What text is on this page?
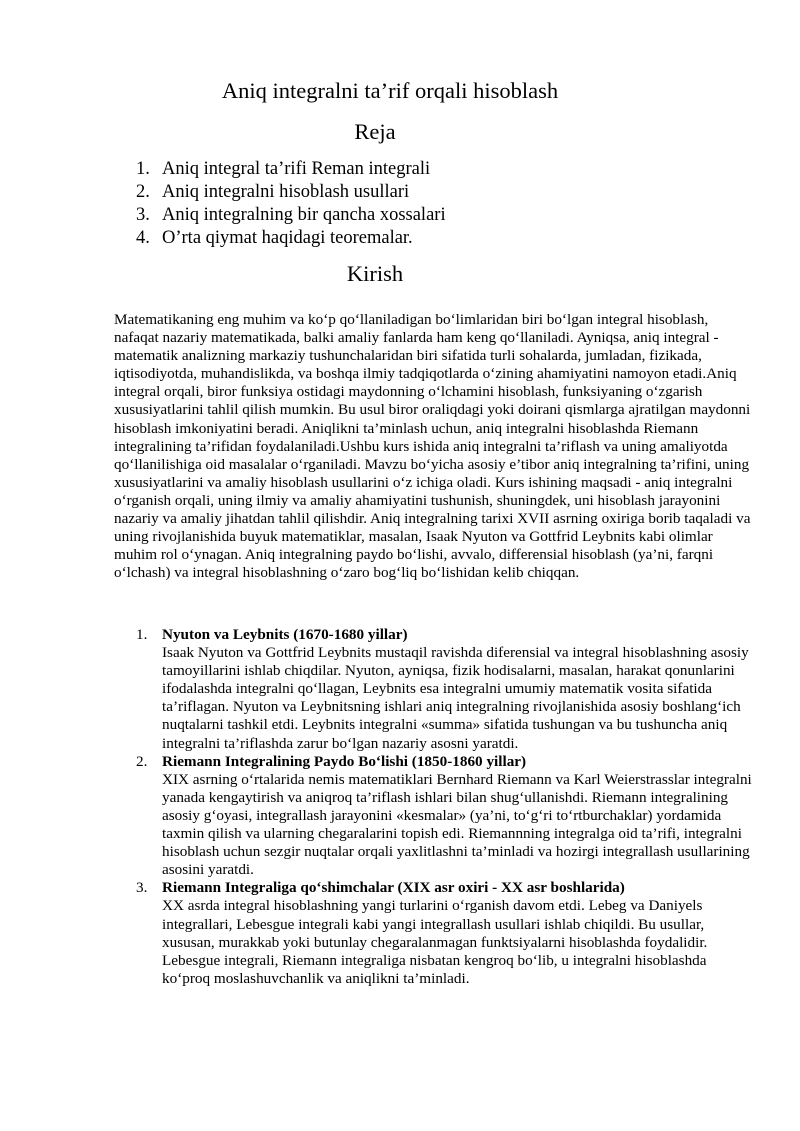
Aniq integralni ta’rif orqali hisoblash
Reja
1. Aniq integral ta’rifi Reman integrali
2. Aniq integralni hisoblash usullari
3. Aniq integralning bir qancha xossalari
4. O’rta qiymat haqidagi teoremalar.
Kirish

Matematikaning eng muhim va ko‘p qo‘llaniladigan bo‘limlaridan biri bo‘lgan integral hisoblash, nafaqat nazariy matematikada, balki amaliy fanlarda ham keng qo‘llaniladi. Ayniqsa, aniq integral - matematik analizning markaziy tushunchalaridan biri sifatida turli sohalarda, jumladan, fizikada, iqtisodiyotda, muhandislikda, va boshqa ilmiy tadqiqotlarda o‘zining ahamiyatini namoyon etadi.Aniq integral orqali, biror funksiya ostidagi maydonning o‘lchamini hisoblash, funksiyaning o‘zgarish xususiyatlarini tahlil qilish mumkin. Bu usul biror oraliqdagi yoki doirani qismlarga ajratilgan maydonni hisoblash imkoniyatini beradi. Aniqlikni ta’minlash uchun, aniq integralni hisoblashda Riemann integralining ta’rifidan foydalaniladi.Ushbu kurs ishida aniq integralni ta’riflash va uning amaliyotda qo‘llanilishiga oid masalalar o‘rganiladi. Mavzu bo‘yicha asosiy e’tibor aniq integralning ta’rifini, uning xususiyatlarini va amaliy hisoblash usullarini o‘z ichiga oladi. Kurs ishining maqsadi - aniq integralni o‘rganish orqali, uning ilmiy va amaliy ahamiyatini tushunish, shuningdek, uni hisoblash jarayonini nazariy va amaliy jihatdan tahlil qilishdir. Aniq integralning tarixi XVII asrning oxiriga borib taqaladi va uning rivojlanishida buyuk matematiklar, masalan, Isaak Nyuton va Gottfrid Leybnits kabi olimlar muhim rol o‘ynagan. Aniq integralning paydo bo‘lishi, avvalo, differensial hisoblash (ya’ni, farqni o‘lchash) va integral hisoblashning o‘zaro bog‘liq bo‘lishidan kelib chiqqan.

1. Nyuton va Leybnits (1670-1680 yillar)
Isaak Nyuton va Gottfrid Leybnits mustaqil ravishda diferensial va integral hisoblashning asosiy tamoyillarini ishlab chiqdilar. Nyuton, ayniqsa, fizik hodisalarni, masalan, harakat qonunlarini ifodalashda integralni qo‘llagan, Leybnits esa integralni umumiy matematik vosita sifatida ta’riflagan. Nyuton va Leybnitsning ishlari aniq integralning rivojlanishida asosiy boshlang‘ich nuqtalarni tashkil etdi. Leybnits integralni «summa» sifatida tushungan va bu tushuncha aniq integralni ta’riflashda zarur bo‘lgan nazariy asosni yaratdi.
2. Riemann Integralining Paydo Bo‘lishi (1850-1860 yillar)
XIX asrning o‘rtalarida nemis matematiklari Bernhard Riemann va Karl Weierstrasslar integralni yanada kengaytirish va aniqroq ta’riflash ishlari bilan shug‘ullanishdi. Riemann integralining asosiy g‘oyasi, integrallash jarayonini «kesmalar» (ya’ni, to‘g‘ri to‘rtburchaklar) yordamida taxmin qilish va ularning chegaralarini topish edi. Riemannning integralga oid ta’rifi, integralni hisoblash uchun sezgir nuqtalar orqali yaxlitlashni ta’minladi va hozirgi integrallash usullarining asosini yaratdi.
3. Riemann Integraliga qo‘shimchalar (XIX asr oxiri - XX asr boshlarida)
XX asrda integral hisoblashning yangi turlarini o‘rganish davom etdi. Lebeg va Daniyels integrallari, Lebesgue integrali kabi yangi integrallash usullari ishlab chiqildi. Bu usullar, xususan, murakkab yoki butunlay chegaralanmagan funktsiyalarni hisoblashda foydalidir. Lebesgue integrali, Riemann integraliga nisbatan kengroq bo‘lib, u integralni hisoblashda ko‘proq moslashuvchanlik va aniqlikni ta’minladi.
